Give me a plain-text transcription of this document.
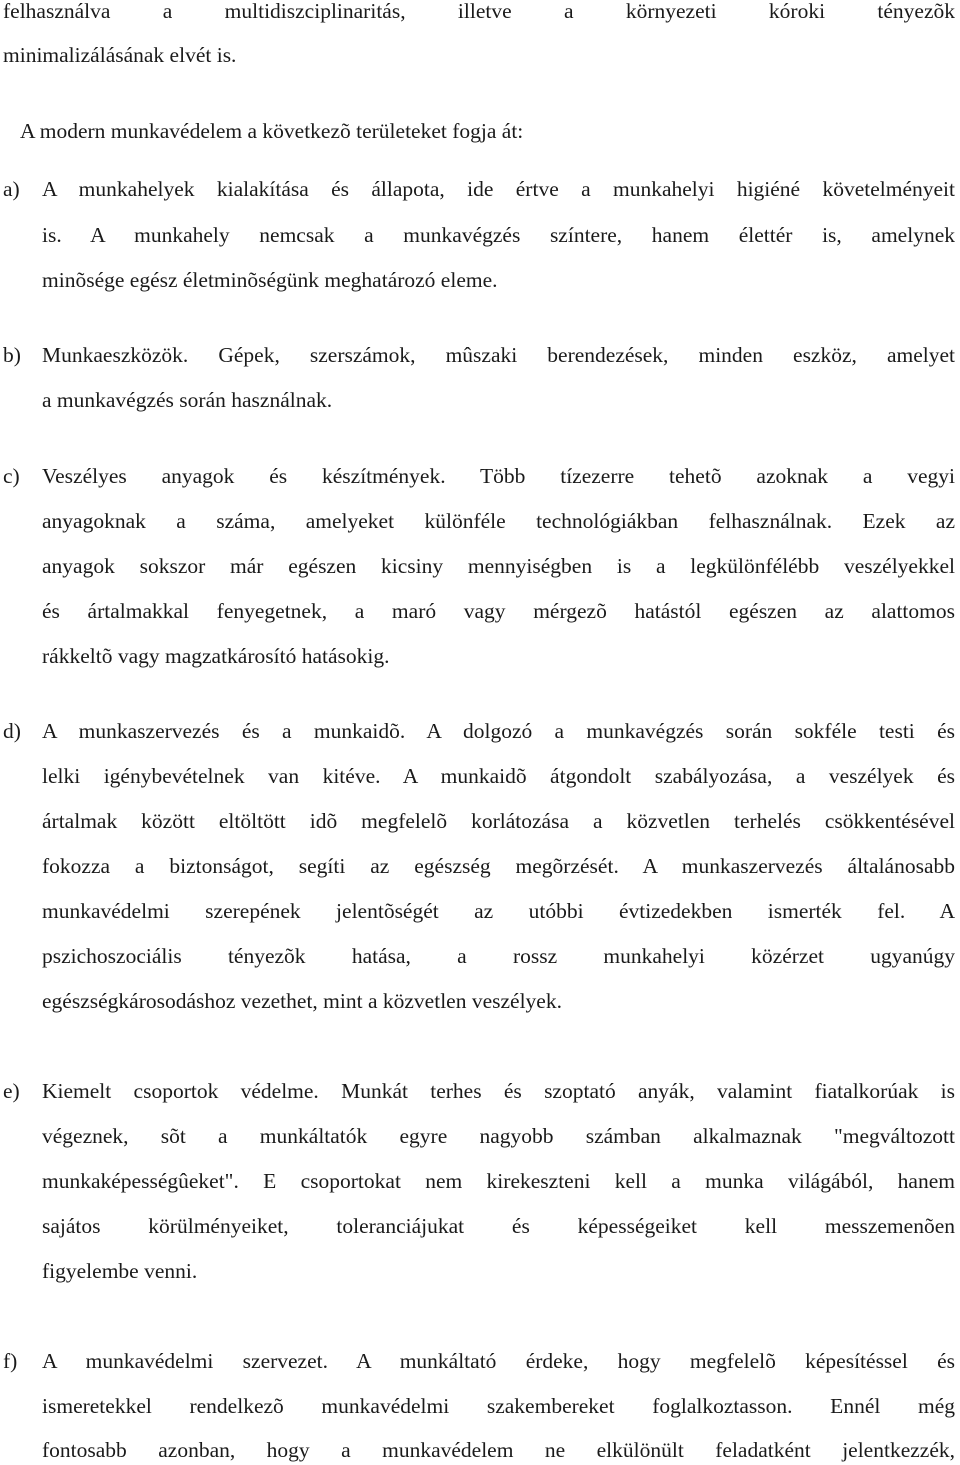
felhasználva a multidiszciplinaritás, illetve a környezeti kóroki tényezõk
minimalizálásának elvét is.
A modern munkavédelem a következõ területeket fogja át:
a) A munkahelyek kialakítása és állapota, ide értve a munkahelyi higiéné követelményeit
is. A munkahely nemcsak a munkavégzés színtere, hanem élettér is, amelynek
minõsége egész életminõségünk meghatározó eleme.
b) Munkaeszközök. Gépek, szerszámok, mûszaki berendezések, minden eszköz, amelyet
a munkavégzés során használnak.
c) Veszélyes anyagok és készítmények. Több tízezerre tehetõ azoknak a vegyi
anyagoknak a száma, amelyeket különféle technológiákban felhasználnak. Ezek az
anyagok sokszor már egészen kicsiny mennyiségben is a legkülönfélébb veszélyekkel
és ártalmakkal fenyegetnek, a maró vagy mérgezõ hatástól egészen az alattomos
rákkeltõ vagy magzatkárosító hatásokig.
d) A munkaszervezés és a munkaidõ. A dolgozó a munkavégzés során sokféle testi és
lelki igénybevételnek van kitéve. A munkaidõ átgondolt szabályozása, a veszélyek és
ártalmak között eltöltött idõ megfelelõ korlátozása a közvetlen terhelés csökkentésével
fokozza a biztonságot, segíti az egészség megõrzését. A munkaszervezés általánosabb
munkavédelmi szerepének jelentõségét az utóbbi évtizedekben ismerték fel. A
pszichoszociális tényezõk hatása, a rossz munkahelyi közérzet ugyanúgy
egészségkárosodáshoz vezethet, mint a közvetlen veszélyek.
e) Kiemelt csoportok védelme. Munkát terhes és szoptató anyák, valamint fiatalkorúak is
végeznek, sõt a munkáltatók egyre nagyobb számban alkalmaznak "megváltozott
munkaképességûeket". E csoportokat nem kirekeszteni kell a munka világából, hanem
sajátos körülményeiket, toleranciájukat és képességeiket kell messzemenõen
figyelembe venni.
f) A munkavédelmi szervezet. A munkáltató érdeke, hogy megfelelõ képesítéssel és
ismeretekkel rendelkezõ munkavédelmi szakembereket foglalkoztasson. Ennél még
fontosabb azonban, hogy a munkavédelem ne elkülönült feladatként jelentkezzék,
